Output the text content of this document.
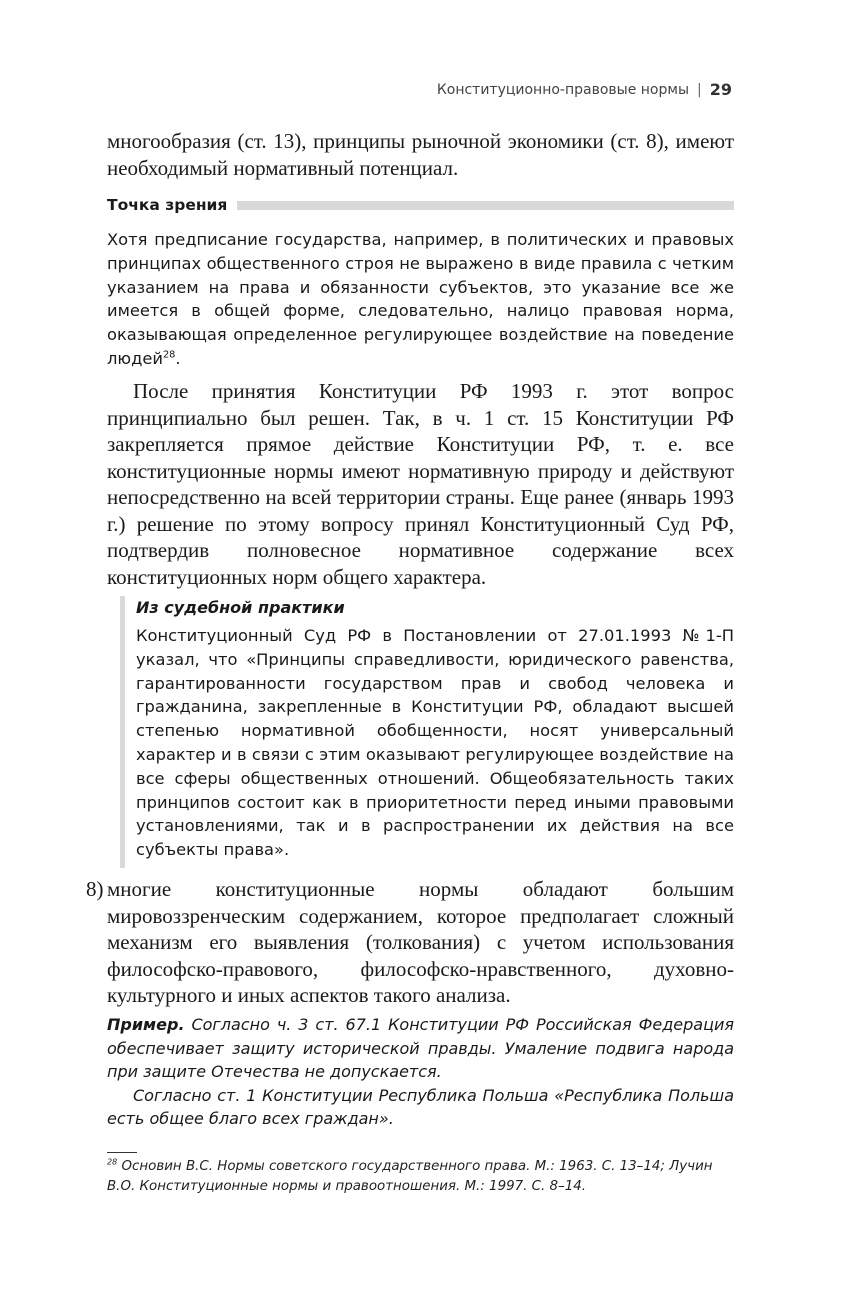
Конституционно-правовые нормы | 29
многообразия (ст. 13), принципы рыночной экономики (ст. 8), имеют необходимый нормативный потенциал.
Точка зрения
Хотя предписание государства, например, в политических и правовых принципах общественного строя не выражено в виде правила с четким указанием на права и обязанности субъектов, это указание все же имеется в общей форме, следовательно, налицо правовая норма, оказывающая определенное регулирующее воздействие на поведение людей$^{28}$.
После принятия Конституции РФ 1993 г. этот вопрос принципиально был решен. Так, в ч. 1 ст. 15 Конституции РФ закрепляется прямое действие Конституции РФ, т. е. все конституционные нормы имеют нормативную природу и действуют непосредственно на всей территории страны. Еще ранее (январь 1993 г.) решение по этому вопросу принял Конституционный Суд РФ, подтвердив полновесное нормативное содержание всех конституционных норм общего характера.
Из судебной практики
Конституционный Суд РФ в Постановлении от 27.01.1993 №1-П указал, что «Принципы справедливости, юридического равенства, гарантированности государством прав и свобод человека и гражданина, закрепленные в Конституции РФ, обладают высшей степенью нормативной обобщенности, носят универсальный характер и в связи с этим оказывают регулирующее воздействие на все сферы общественных отношений. Общеобязательность таких принципов состоит как в приоритетности перед иными правовыми установлениями, так и в распространении их действия на все субъекты права».
8) многие конституционные нормы обладают большим мировоззренческим содержанием, которое предполагает сложный механизм его выявления (толкования) с учетом использования философско-правового, философско-нравственного, духовно-культурного и иных аспектов такого анализа.

Пример. Согласно ч. 3 ст. 67.1 Конституции РФ Российская Федерация обеспечивает защиту исторической правды. Умаление подвига народа при защите Отечества не допускается.

Согласно ст. 1 Конституции Республика Польша «Республика Польша есть общее благо всех граждан».

$^{28}$ Основин В.С. Нормы советского государственного права. М.: 1963. С. 13–14; Лучин В.О. Конституционные нормы и правоотношения. М.: 1997. С. 8–14.
